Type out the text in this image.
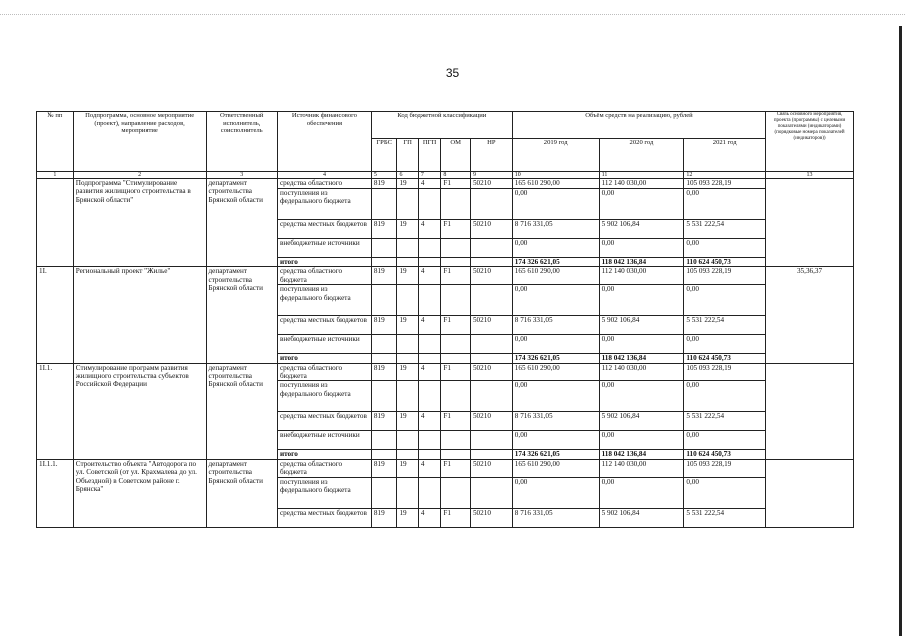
35
№ пп	Подпрограмма, основное мероприятие (проект), направление расходов, мероприятие	Ответственный исполнитель, соисполнитель	Источник финансового обеспечения	Код бюджетной классификации					Объём средств на реализацию, рублей			Связь основного мероприятия, проекта (программы) с целевыми показателями (индикаторами) (порядковые номера показателей (индикаторов))
				ГРБС	ГП	ПГП	ОМ	НР	2019 год	2020 год	2021 год	
1	2	3	4	5	6	7	8	9	10	11	12	13
	Подпрограмма "Стимулирование развития жилищного строительства в Брянской области"	департамент строительства Брянской области	средства областного	819	19	4	F1	50210	165 610 290,00	112 140 030,00	105 093 228,19	
			поступления из федерального бюджета						0,00	0,00	0,00	
			средства местных бюджетов	819	19	4	F1	50210	8 716 331,05	5 902 106,84	5 531 222,54	
			внебюджетные источники						0,00	0,00	0,00	
			итого						174 326 621,05	118 042 136,84	110 624 450,73	
1I.	Региональный проект "Жилье"	департамент строительства Брянской области	средства областного бюджета	819	19	4	F1	50210	165 610 290,00	112 140 030,00	105 093 228,19	35,36,37
			поступления из федерального бюджета						0,00	0,00	0,00	
			средства местных бюджетов	819	19	4	F1	50210	8 716 331,05	5 902 106,84	5 531 222,54	
			внебюджетные источники						0,00	0,00	0,00	
			итого						174 326 621,05	118 042 136,84	110 624 450,73	
1I.1.	Стимулирование программ развития жилищного строительства субъектов Российской Федерации	департамент строительства Брянской области	средства областного бюджета	819	19	4	F1	50210	165 610 290,00	112 140 030,00	105 093 228,19	
			поступления из федерального бюджета						0,00	0,00	0,00	
			средства местных бюджетов	819	19	4	F1	50210	8 716 331,05	5 902 106,84	5 531 222,54	
			внебюджетные источники						0,00	0,00	0,00	
			итого						174 326 621,05	118 042 136,84	110 624 450,73	
1I.1.1.	Строительство объекта "Автодорога по ул. Советской (от ул. Крахмалева до ул. Объездной) в Советском районе г. Брянска"	департамент строительства Брянской области	средства областного бюджета	819	19	4	F1	50210	165 610 290,00	112 140 030,00	105 093 228,19	
			поступления из федерального бюджета						0,00	0,00	0,00	
			средства местных бюджетов	819	19	4	F1	50210	8 716 331,05	5 902 106,84	5 531 222,54	
